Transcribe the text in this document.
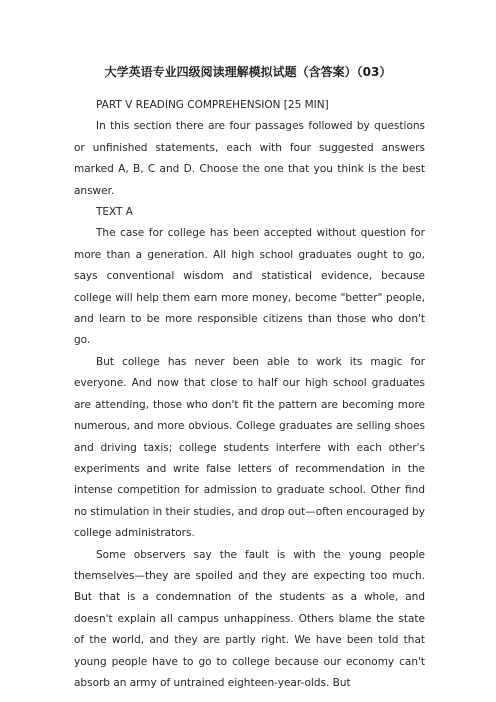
大学英语专业四级阅读理解模拟试题（含答案）（03）

PART V READING COMPREHENSION [25 MIN]

In this section there are four passages followed by questions or unfinished statements, each with four suggested answers marked A, B, C and D. Choose the one that you think is the best answer.

TEXT A

The case for college has been accepted without question for more than a generation. All high school graduates ought to go, says conventional wisdom and statistical evidence, because college will help them earn more money, become "better" people, and learn to be more responsible citizens than those who don't go.

But college has never been able to work its magic for everyone. And now that close to half our high school graduates are attending, those who don't fit the pattern are becoming more numerous, and more obvious. College graduates are selling shoes and driving taxis; college students interfere with each other's experiments and write false letters of recommendation in the intense competition for admission to graduate school. Other find no stimulation in their studies, and drop out—often encouraged by college administrators.

Some observers say the fault is with the young people themselves—they are spoiled and they are expecting too much. But that is a condemnation of the students as a whole, and doesn't explain all campus unhappiness. Others blame the state of the world, and they are partly right. We have been told that young people have to go to college because our economy can't absorb an army of untrained eighteen-year-olds. But
